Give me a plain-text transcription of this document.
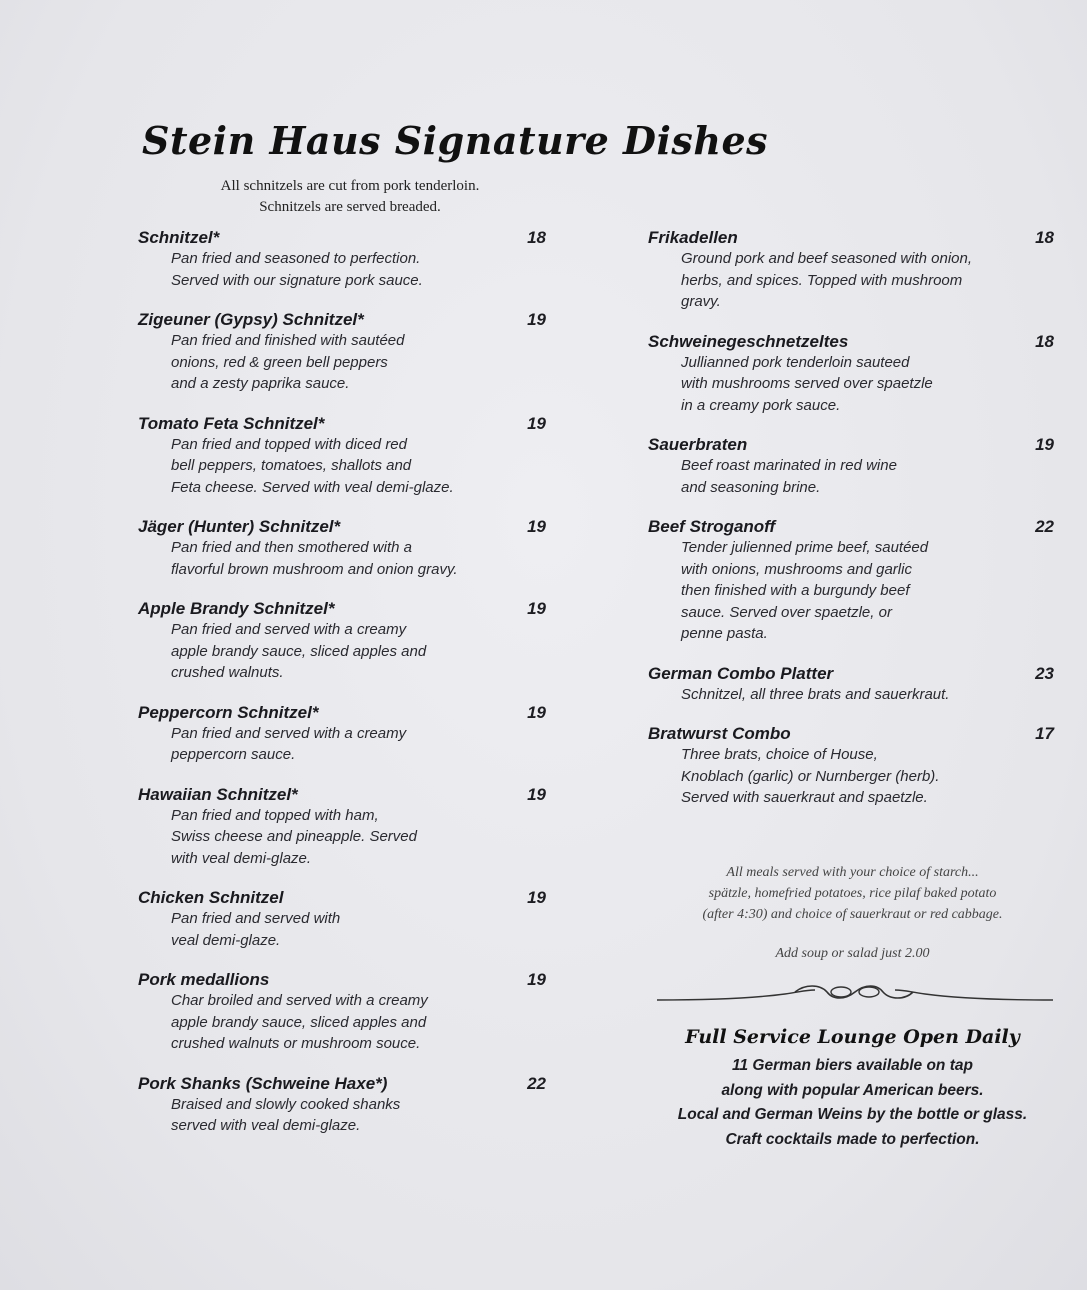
Stein Haus Signature Dishes
All schnitzels are cut from pork tenderloin.
Schnitzels are served breaded.
Schnitzel*	18
Pan fried and seasoned to perfection.
Served with our signature pork sauce.
Zigeuner (Gypsy) Schnitzel*	19
Pan fried and finished with sautéed
onions, red & green bell peppers
and a zesty paprika sauce.
Tomato Feta Schnitzel*	19
Pan fried and topped with diced red
bell peppers, tomatoes, shallots and
Feta cheese. Served with veal demi-glaze.
Jäger (Hunter) Schnitzel*	19
Pan fried and then smothered with a
flavorful brown mushroom and onion gravy.
Apple Brandy Schnitzel*	19
Pan fried and served with a creamy
apple brandy sauce, sliced apples and
crushed walnuts.
Peppercorn Schnitzel*	19
Pan fried and served with a creamy
peppercorn sauce.
Hawaiian Schnitzel*	19
Pan fried and topped with ham,
Swiss cheese and pineapple. Served
with veal demi-glaze.
Chicken Schnitzel	19
Pan fried and served with
veal demi-glaze.
Pork medallions	19
Char broiled and served with a creamy
apple brandy sauce, sliced apples and
crushed walnuts or mushroom souce.
Pork Shanks (Schweine Haxe*)	22
Braised and slowly cooked shanks
served with veal demi-glaze.
Frikadellen	18
Ground pork and beef seasoned with onion,
herbs, and spices. Topped with mushroom
gravy.
Schweinegeschnetzeltes	18
Jullianned pork tenderloin sauteed
with mushrooms served over spaetzle
in a creamy pork sauce.
Sauerbraten	19
Beef roast marinated in red wine
and seasoning brine.
Beef Stroganoff	22
Tender julienned prime beef, sautéed
with onions, mushrooms and garlic
then finished with a burgundy beef
sauce. Served over spaetzle, or
penne pasta.
German Combo Platter	23
Schnitzel, all three brats and sauerkraut.
Bratwurst Combo	17
Three brats, choice of House,
Knoblach (garlic) or Nurnberger (herb).
Served with sauerkraut and spaetzle.
All meals served with your choice of starch...
spätzle, homefried potatoes, rice pilaf baked potato
(after 4:30) and choice of sauerkraut or red cabbage.
Add soup or salad just 2.00
Full Service Lounge Open Daily
11 German biers available on tap
along with popular American beers.
Local and German Weins by the bottle or glass.
Craft cocktails made to perfection.
